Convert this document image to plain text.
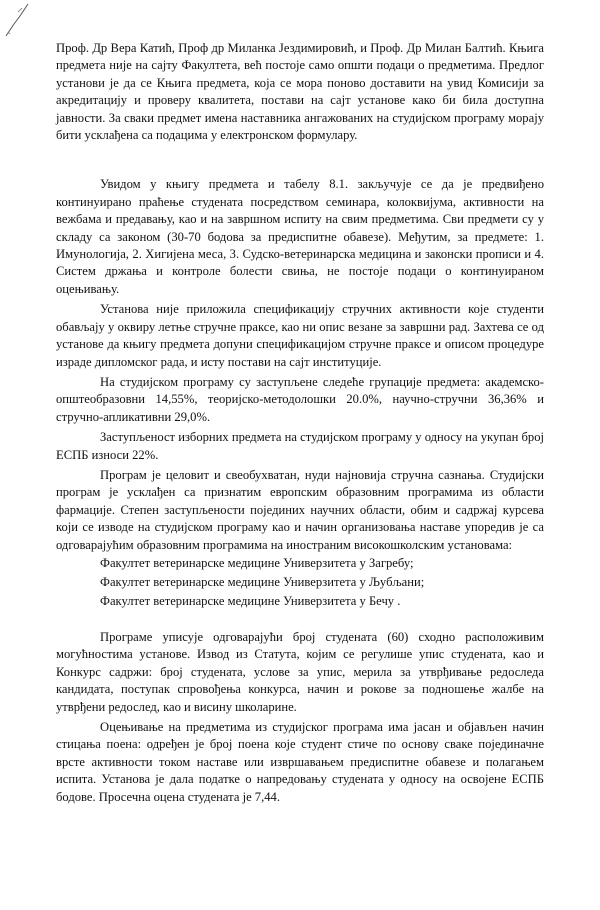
Проф. Др Вера Катић, Проф др Миланка Јездимировић, и Проф. Др Милан Балтић. Књига предмета није на сајту Факултета, већ постоје само општи подаци о предметима. Предлог установи је да се Књига предмета, која се мора поново доставити на увид Комисији за акредитацију и проверу квалитета, постави на сајт установе како би била доступна јавности. За сваки предмет имена наставника ангажованих на студијском програму морају бити усклађена са подацима у електронском формулару.

Увидом у књигу предмета и табелу 8.1. закључује се да је предвиђено континуирано праћење студената посредством семинара, колоквијума, активности на вежбама и предавању, као и на завршном испиту на свим предметима. Сви предмети су у складу са законом (30-70 бодова за предиспитне обавезе). Међутим, за предмете: 1. Имунологија, 2. Хигијена меса, 3. Судско-ветеринарска медицина и законски прописи и 4. Систем држања и контроле болести свиња, не постоје подаци о континуираном оцењивању.

Установа није приложила спецификацију стручних активности које студенти обављају у оквиру летње стручне праксе, као ни опис везане за завршни рад. Захтева се од установе да књигу предмета допуни спецификацијом стручне праксе и описом процедуре израде дипломског рада, и исту постави на сајт институције.

На студијском програму су заступљене следеће групације предмета: академско-општеобразовни 14,55%, теоријско-методолошки 20.0%, научно-стручни 36,36% и стручно-апликативни 29,0%.

Заступљеност изборних предмета на студијском програму у односу на укупан број ЕСПБ износи 22%.

Програм је целовит и свеобухватан, нуди најновија стручна сазнања. Студијски програм је усклађен са признатим европским образовним програмима из области фармације. Степен заступљености појединих научних области, обим и садржај курсева који се изводе на студијском програму као и начин организовања наставе упоредив је са одговарајућим образовним програмима на иностраним високошколским установама:

Факултет ветеринарске медицине Универзитета у Загребу;
Факултет ветеринарске медицине Универзитета у Љубљани;
Факултет ветеринарске медицине Универзитета у Бечу .

Програме уписује одговарајући број студената (60) сходно расположивим могућностима установе. Извод из Статута, којим се регулише упис студената, као и Конкурс садржи: број студената, услове за упис, мерила за утврђивање редоследа кандидата, поступак спровођења конкурса, начин и рокове за подношење жалбе на утврђени редослед, као и висину школарине.

Оцењивање на предметима из студијског програма има јасан и објављен начин стицања поена: одређен је број поена које студент стиче по основу сваке појединачне врсте активности током наставе или извршавањем предиспитне обавезе и полагањем испита. Установа је дала податке о напредовању студената у односу на освојене ЕСПБ бодове. Просечна оцена студената је 7,44.
